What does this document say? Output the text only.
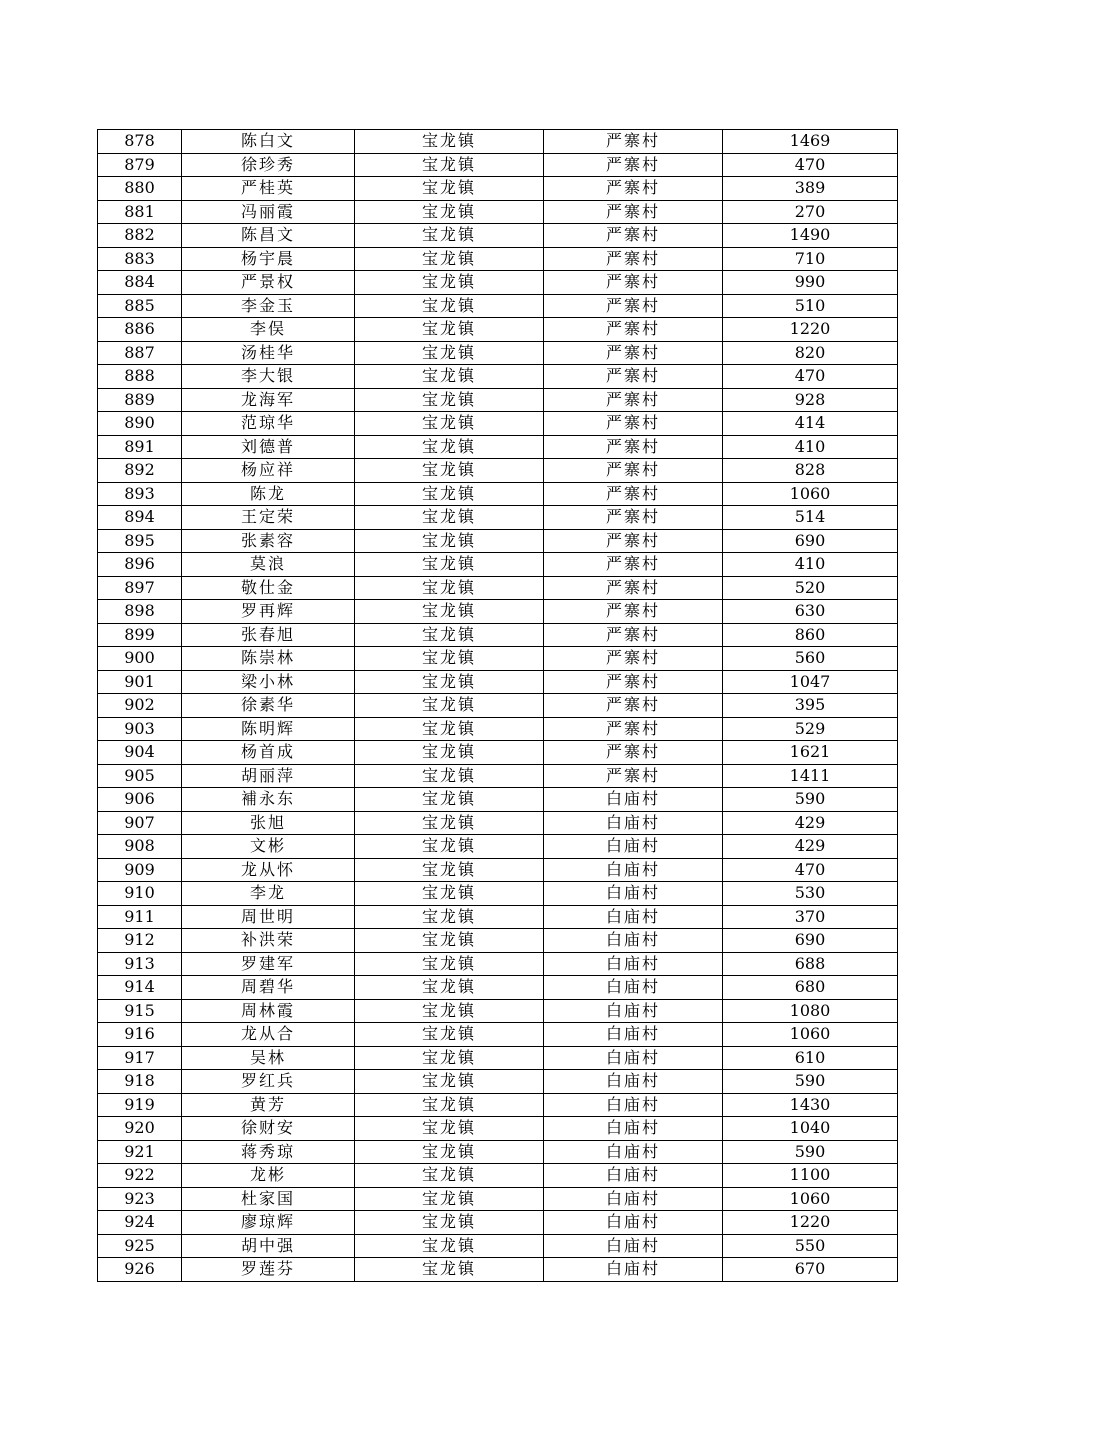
878	陈白文	宝龙镇	严寨村	1469
879	徐珍秀	宝龙镇	严寨村	470
880	严桂英	宝龙镇	严寨村	389
881	冯丽霞	宝龙镇	严寨村	270
882	陈昌文	宝龙镇	严寨村	1490
883	杨宇晨	宝龙镇	严寨村	710
884	严景权	宝龙镇	严寨村	990
885	李金玉	宝龙镇	严寨村	510
886	李俣	宝龙镇	严寨村	1220
887	汤桂华	宝龙镇	严寨村	820
888	李大银	宝龙镇	严寨村	470
889	龙海军	宝龙镇	严寨村	928
890	范琼华	宝龙镇	严寨村	414
891	刘德普	宝龙镇	严寨村	410
892	杨应祥	宝龙镇	严寨村	828
893	陈龙	宝龙镇	严寨村	1060
894	王定荣	宝龙镇	严寨村	514
895	张素容	宝龙镇	严寨村	690
896	莫浪	宝龙镇	严寨村	410
897	敬仕金	宝龙镇	严寨村	520
898	罗再辉	宝龙镇	严寨村	630
899	张春旭	宝龙镇	严寨村	860
900	陈崇林	宝龙镇	严寨村	560
901	梁小林	宝龙镇	严寨村	1047
902	徐素华	宝龙镇	严寨村	395
903	陈明辉	宝龙镇	严寨村	529
904	杨首成	宝龙镇	严寨村	1621
905	胡丽萍	宝龙镇	严寨村	1411
906	補永东	宝龙镇	白庙村	590
907	张旭	宝龙镇	白庙村	429
908	文彬	宝龙镇	白庙村	429
909	龙从怀	宝龙镇	白庙村	470
910	李龙	宝龙镇	白庙村	530
911	周世明	宝龙镇	白庙村	370
912	补洪荣	宝龙镇	白庙村	690
913	罗建军	宝龙镇	白庙村	688
914	周碧华	宝龙镇	白庙村	680
915	周林霞	宝龙镇	白庙村	1080
916	龙从合	宝龙镇	白庙村	1060
917	吴林	宝龙镇	白庙村	610
918	罗红兵	宝龙镇	白庙村	590
919	黄芳	宝龙镇	白庙村	1430
920	徐财安	宝龙镇	白庙村	1040
921	蒋秀琼	宝龙镇	白庙村	590
922	龙彬	宝龙镇	白庙村	1100
923	杜家国	宝龙镇	白庙村	1060
924	廖琼辉	宝龙镇	白庙村	1220
925	胡中强	宝龙镇	白庙村	550
926	罗莲芬	宝龙镇	白庙村	670
